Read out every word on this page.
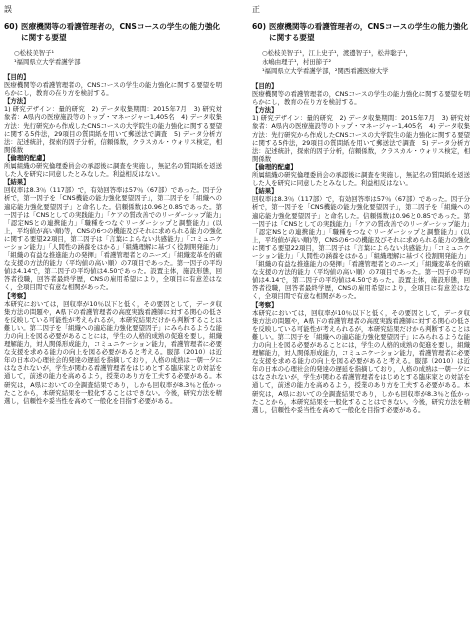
誤
60) 医療機関等の看護管理者の，CNSコースの学生の能力強化に関する要望
○松枝美智子¹
¹福岡県立大学看護学部
【目的】
医療機関等の看護管理者の，CNSコースの学生の能力強化に関する要望を明らかにし，教育の在り方を検討する。
【方法】
1) 研究デザイン：量的研究　2) データ収集期間：2015年7月　3) 研究対象者：A県内の医療施設等のトップ・マネージャー1,405名　4) データ収集方法：先行研究から作成したCNSコースの大学院生の能力強化に関する要望に関する5件法，29項目の質問紙を用いて郵送法で調査　5) データ分析方法：記述統計，探索的因子分析，信頼係数，クラスカル・ウォリス検定，相関係数
【倫理的配慮】
所属組織の研究倫理委員会の承認後に調査を実施し，無記名の質問紙を返送した人を研究に同意したとみなした。利益相反はない。
【結果】
回収率は8.3％（117部）で，有効回答率は57％（67部）であった。因子分析で，第一因子を「CNS機能の能力強化要望因子」，第二因子を「組織への適応能力強化要望因子」と命名した。信頼係数は0.96と0.85であった。第一因子は「CNSとしての実践能力」「ケアの質改善でのリーダーシップ能力」「認定NSとの連携能力」「職種をつなぐリーダーシップと調整能力」(以上，平均値が高い順)等，CNSの6つの機能及びそれに求められる能力の強化に関する要望22項目，第二因子は「言葉によらない共感能力」「コミュニケーション能力」「人間性の涵養をはかる」「組織理解に基づく役割開発能力」「組織の有益な推進能力の発揮」「看護管理者とのニーズ」「組織変革を的確な支援の方法的能力（平均値の高い順）の7項目であった。第一因子の平均値は4.14で，第二因子の平均値は4.50であった。設置主体，施設形態，回答者役職，回答者最終学歴，CNSの雇用希望により，全項目に有意差はなく，全項目間で有意な相関があった。
【考察】
本研究においては，回収率が10％以下と低く，その要因として，データ収集方法の問題や，A県下の看護管理者の高度実践看護師に対する関心の低さを反映している可能性が考えられるが，本研究結果だけから判断することは難しい。第二因子を「組織への適応能力強化要望因子」にみられるような能力の向上を図る必要があることには，学生の人格的成熟の促進を要し，組織理解能力，対人関係形成能力，コミュニケーション能力，看護管理者に必要な支援を求める能力の向上を図る必要があると考える。服部（2010）は近年の日本の心理社会的発達の遅延を指摘しており，人格の成熟は一朝一夕にはなされないが，学生が関わる看護管理者をはじめとする臨床家との対話を通して，前述の能力を高めるよう，授業のあり方を工夫する必要がある。本研究は，A県においての全調査結果であり，しかも回収率が8.3％と低かったことから，本研究結果を一般化することはできない。今後，研究方法を精選し，信頼性や妥当性を高めて一般化を目指す必要がある。
正
60) 医療機関等の看護管理者の，CNSコースの学生の能力強化に関する要望
○松枝美智子¹，江上史子¹，渡邊智子¹，松井聡子¹，
永嶋由理子¹，村田節子²
¹福岡県立大学看護学部，²関西看護医療大学
【目的】
医療機関等の看護管理者の，CNSコースの学生の能力強化に関する要望を明らかにし，教育の在り方を検討する。
【方法】
1) 研究デザイン：量的研究　2) データ収集期間：2015年7月　3) 研究対象者：A県内の医療施設等のトップ・マネージャー1,405名　4) データ収集方法：先行研究から作成したCNSコースの大学院生の能力強化に関する要望に関する5件法，29項目の質問紙を用いて郵送法で調査　5) データ分析方法：記述統計，探索的因子分析，信頼係数，クラスカル・ウォリス検定，相関係数
【倫理的配慮】
所属組織の研究倫理委員会の承認後に調査を実施し，無記名の質問紙を返送した人を研究に同意したとみなした。利益相反はない。
【結果】
回収率は8.3％（117部）で，有効回答率は57％（67部）であった。因子分析で，第一因子を「CNS機能の能力強化要望因子」，第二因子を「組織への適応能力強化要望因子」と命名した。信頼係数は0.96と0.85であった。第一因子は「CNSとしての実践能力」「ケアの質改善でのリーダーシップ能力」「認定NSとの連携能力」「職種をつなぐリーダーシップと調整能力」(以上，平均値が高い順)等，CNSの6つの機能及びそれに求められる能力の強化に関する要望22項目，第二因子は「言葉によらない共感能力」「コミュニケーション能力」「人間性の涵養をはかる」「組織理解に基づく役割開発能力」「組織の有益な推進能力の発揮」「看護管理者とのニーズ」「組織変革を的確な支援の方法的能力（平均値の高い順）の7項目であった。第一因子の平均値は4.14で，第二因子の平均値は4.50であった。設置主体，施設形態，回答者役職，回答者最終学歴，CNSの雇用希望により，全項目に有意差はなく，全項目間で有意な相関があった。
【考察】
本研究においては，回収率が10％以下と低く，その要因として，データ収集方法の問題や，A県下の看護管理者の高度実践看護師に対する関心の低さを反映している可能性が考えられるが，本研究結果だけから判断することは難しい。第二因子を「組織への適応能力強化要望因子」にみられるような能力の向上を図る必要があることには，学生の人格的成熟の促進を要し，組織理解能力，対人関係形成能力，コミュニケーション能力，看護管理者に必要な支援を求める能力の向上を図る必要があると考える。服部（2010）は近年の日本の心理社会的発達の遅延を指摘しており，人格の成熟は一朝一夕にはなされないが，学生が関わる看護管理者をはじめとする臨床家との対話を通して，前述の能力を高めるよう，授業のあり方を工夫する必要がある。本研究は，A県においての全調査結果であり，しかも回収率が8.3％と低かったことから，本研究結果を一般化することはできない。今後，研究方法を精選し，信頼性や妥当性を高めて一般化を目指す必要がある。
